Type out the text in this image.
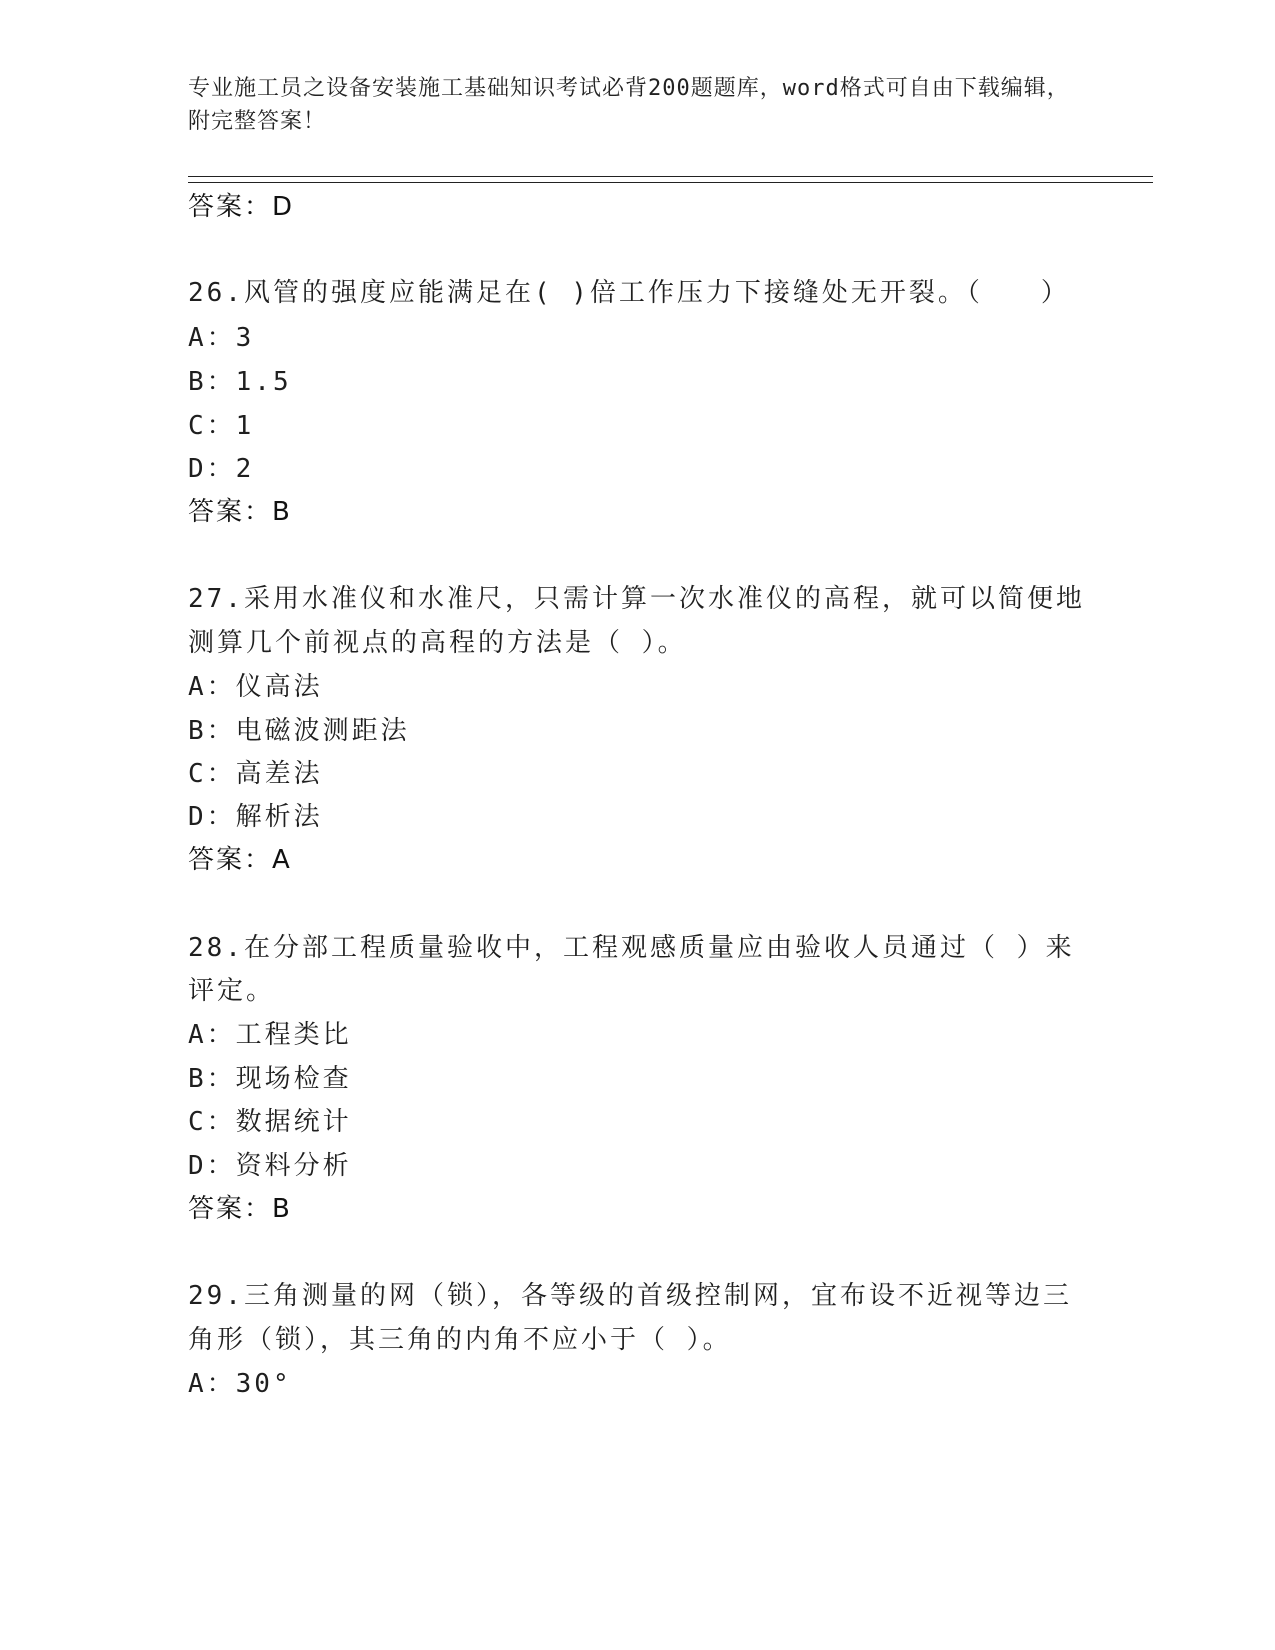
专业施工员之设备安装施工基础知识考试必背200题题库，word格式可自由下载编辑，附完整答案！
答案：D
26.风管的强度应能满足在( )倍工作压力下接缝处无开裂。（　　）
A：3
B：1.5
C：1
D：2
答案：B
27.采用水准仪和水准尺，只需计算一次水准仪的高程，就可以简便地
测算几个前视点的高程的方法是（ ）。
A：仪高法
B：电磁波测距法
C：高差法
D：解析法
答案：A
28.在分部工程质量验收中，工程观感质量应由验收人员通过（ ）来
评定。
A：工程类比
B：现场检查
C：数据统计
D：资料分析
答案：B
29.三角测量的网（锁），各等级的首级控制网，宜布设不近视等边三
角形（锁），其三角的内角不应小于（ ）。
A：30°
